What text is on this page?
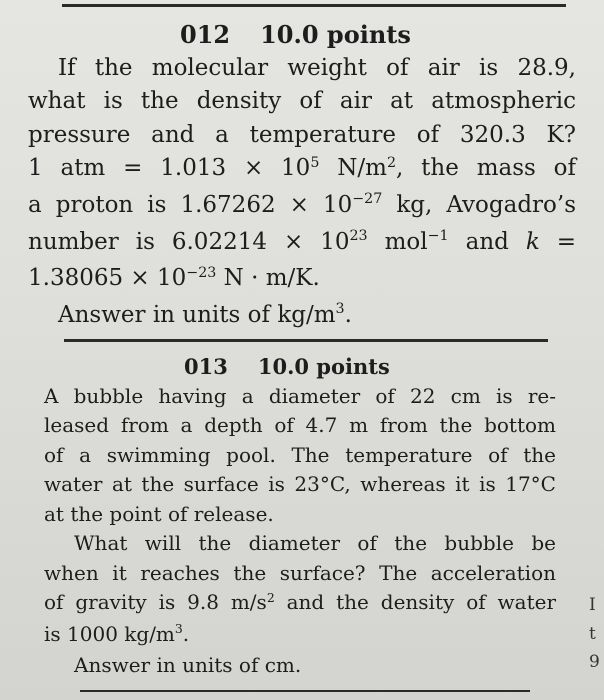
012 10.0 points
If the molecular weight of air is 28.9,
what is the density of air at atmospheric
pressure and a temperature of 320.3 K?
1 atm = $1.013 \times 10^5$ $N/m^2$, the mass of
a proton is $1.67262 \times 10^{-27}$ kg, Avogadro’s
number is $6.02214 \times 10^{23}$ mol$^{-1}$ and k =
$1.38065 \times 10^{-23}$ N · m/K.
Answer in units of $kg/m^3$.
013 10.0 points
A bubble having a diameter of 22 cm is re-
leased from a depth of 4.7 m from the bottom
of a swimming pool. The temperature of the
water at the surface is 23°C, whereas it is 17°C
at the point of release.
What will the diameter of the bubble be
when it reaches the surface? The acceleration
of gravity is 9.8 $m/s^2$ and the density of water
is 1000 $kg/m^3$.
Answer in units of cm.
I
t
9
